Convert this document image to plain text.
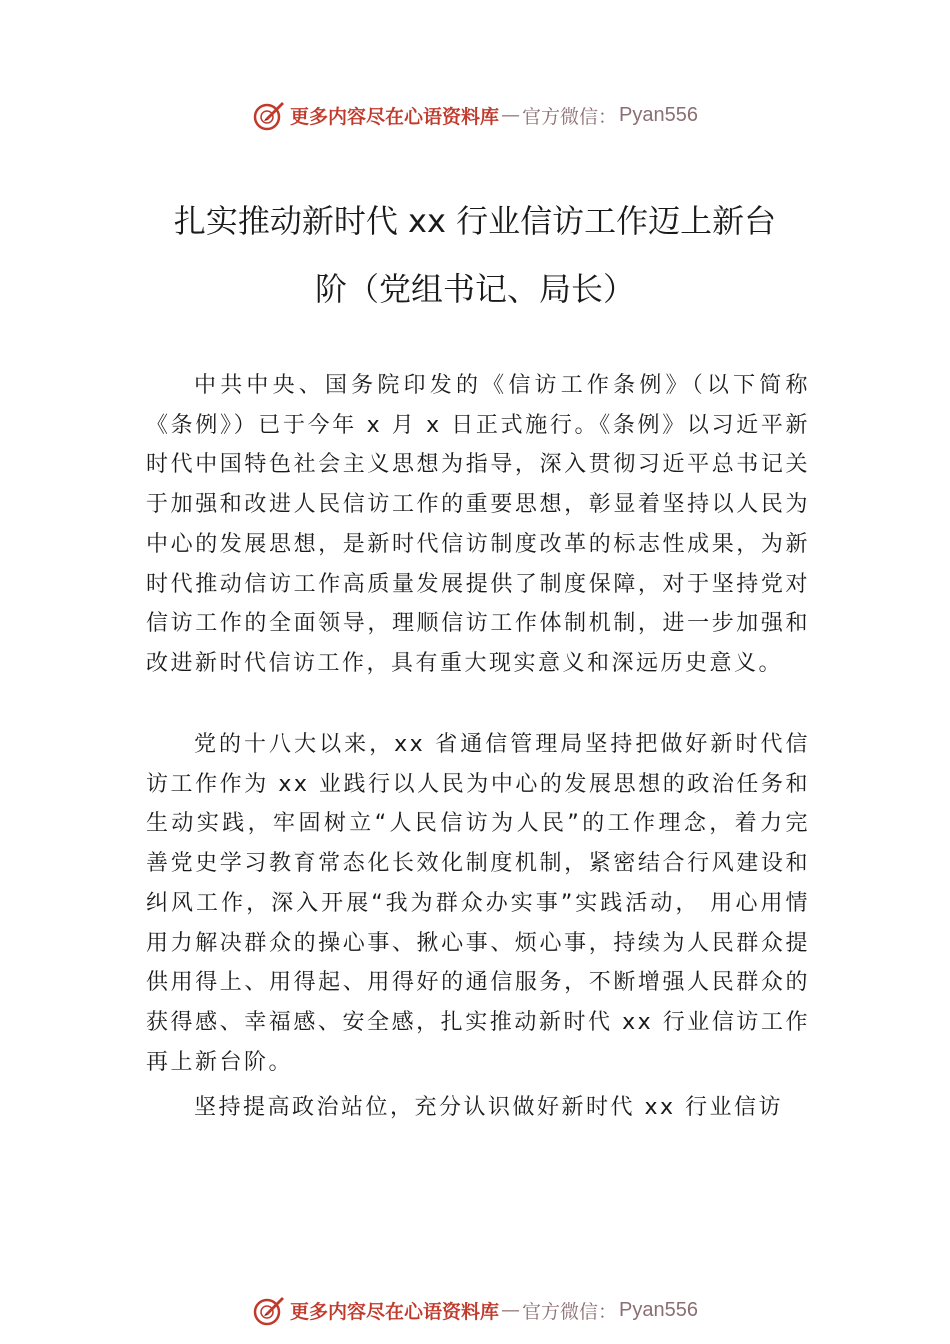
更多内容尽在心语资料库 — 官方微信： Pyan556
扎实推动新时代 xx 行业信访工作迈上新台
阶（党组书记、局长）

中共中央、国务院印发的《信访工作条例》（以下简称《条例》）已于今年 x 月 x 日正式施行。《条例》以习近平新时代中国特色社会主义思想为指导，深入贯彻习近平总书记关于加强和改进人民信访工作的重要思想，彰显着坚持以人民为中心的发展思想，是新时代信访制度改革的标志性成果，为新时代推动信访工作高质量发展提供了制度保障，对于坚持党对信访工作的全面领导，理顺信访工作体制机制，进一步加强和改进新时代信访工作，具有重大现实意义和深远历史意义。

党的十八大以来，xx 省通信管理局坚持把做好新时代信访工作作为 xx 业践行以人民为中心的发展思想的政治任务和生动实践，牢固树立“人民信访为人民”的工作理念，着力完善党史学习教育常态化长效化制度机制，紧密结合行风建设和纠风工作，深入开展“我为群众办实事”实践活动， 用心用情用力解决群众的操心事、揪心事、烦心事，持续为人民群众提供用得上、用得起、用得好的通信服务，不断增强人民群众的获得感、幸福感、安全感，扎实推动新时代 xx 行业信访工作再上新台阶。

坚持提高政治站位，充分认识做好新时代 xx 行业信访

更多内容尽在心语资料库 — 官方微信： Pyan556
